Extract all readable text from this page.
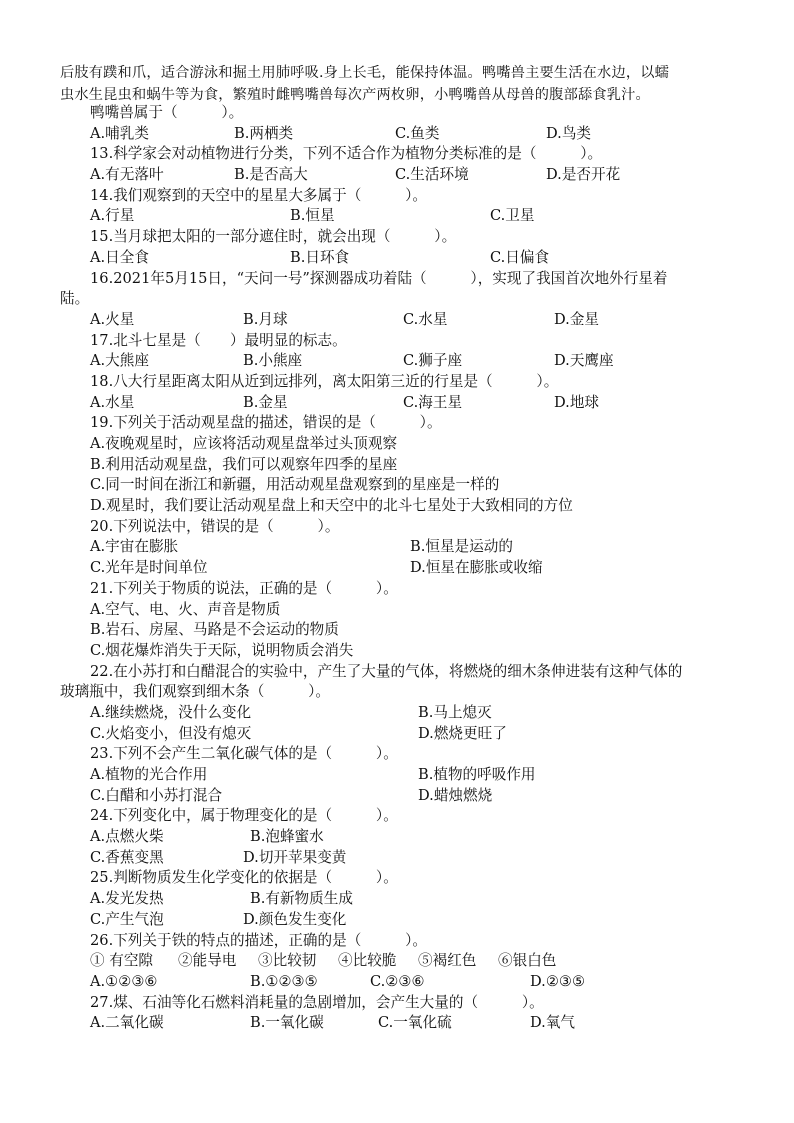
后肢有蹼和爪，适合游泳和掘土用肺呼吸.身上长毛，能保持体温。鸭嘴兽主要生活在水边，以蠕
虫水生昆虫和蜗牛等为食，繁殖时雌鸭嘴兽每次产两枚卵，小鸭嘴兽从母兽的腹部舔食乳汁。
鸭嘴兽属于（　　　）。
A.哺乳类	B.两栖类	C.鱼类	D.鸟类
13.科学家会对动植物进行分类，下列不适合作为植物分类标准的是（　　　）。
A.有无落叶	B.是否高大	C.生活环境	D.是否开花
14.我们观察到的天空中的星星大多属于（　　　）。
A.行星	B.恒星	C.卫星
15.当月球把太阳的一部分遮住时，就会出现（　　　）。
A.日全食	B.日环食	C.日偏食
16.2021年5月15日，“天问一号”探测器成功着陆（　　　），实现了我国首次地外行星着
陆。
A.火星	B.月球	C.水星	D.金星
17.北斗七星是（　　）最明显的标志。
A.大熊座	B.小熊座	C.狮子座	D.天鹰座
18.八大行星距离太阳从近到远排列，离太阳第三近的行星是（　　　）。
A.水星	B.金星	C.海王星	D.地球
19.下列关于活动观星盘的描述，错误的是（　　　）。
A.夜晚观星时，应该将活动观星盘举过头顶观察
B.利用活动观星盘，我们可以观察年四季的星座
C.同一时间在浙江和新疆，用活动观星盘观察到的星座是一样的
D.观星时，我们要让活动观星盘上和天空中的北斗七星处于大致相同的方位
20.下列说法中，错误的是（　　　）。
A.宇宙在膨胀	B.恒星是运动的
C.光年是时间单位	D.恒星在膨胀或收缩
21.下列关于物质的说法，正确的是（　　　）。
A.空气、电、火、声音是物质
B.岩石、房屋、马路是不会运动的物质
C.烟花爆炸消失于天际，说明物质会消失
22.在小苏打和白醋混合的实验中，产生了大量的气体，将燃烧的细木条伸进装有这种气体的
玻璃瓶中，我们观察到细木条（　　　）。
A.继续燃烧，没什么变化	B.马上熄灭
C.火焰变小，但没有熄灭	D.燃烧更旺了
23.下列不会产生二氧化碳气体的是（　　　）。
A.植物的光合作用	B.植物的呼吸作用
C.白醋和小苏打混合	D.蜡烛燃烧
24.下列变化中，属于物理变化的是（　　　）。
A.点燃火柴	B.泡蜂蜜水
C.香蕉变黑	D.切开苹果变黄
25.判断物质发生化学变化的依据是（　　　）。
A.发光发热	B.有新物质生成
C.产生气泡	D.颜色发生变化
26.下列关于铁的特点的描述，正确的是（　　　）。
① 有空隙 ②能导电 ③比较韧 ④比较脆 ⑤褐红色 ⑥银白色
A.①②③⑥	B.①②③⑤	C.②③⑥	D.②③⑤
27.煤、石油等化石燃料消耗量的急剧增加，会产生大量的（　　　）。
A.二氧化碳	B.一氧化碳	C.一氧化硫	D.氧气
